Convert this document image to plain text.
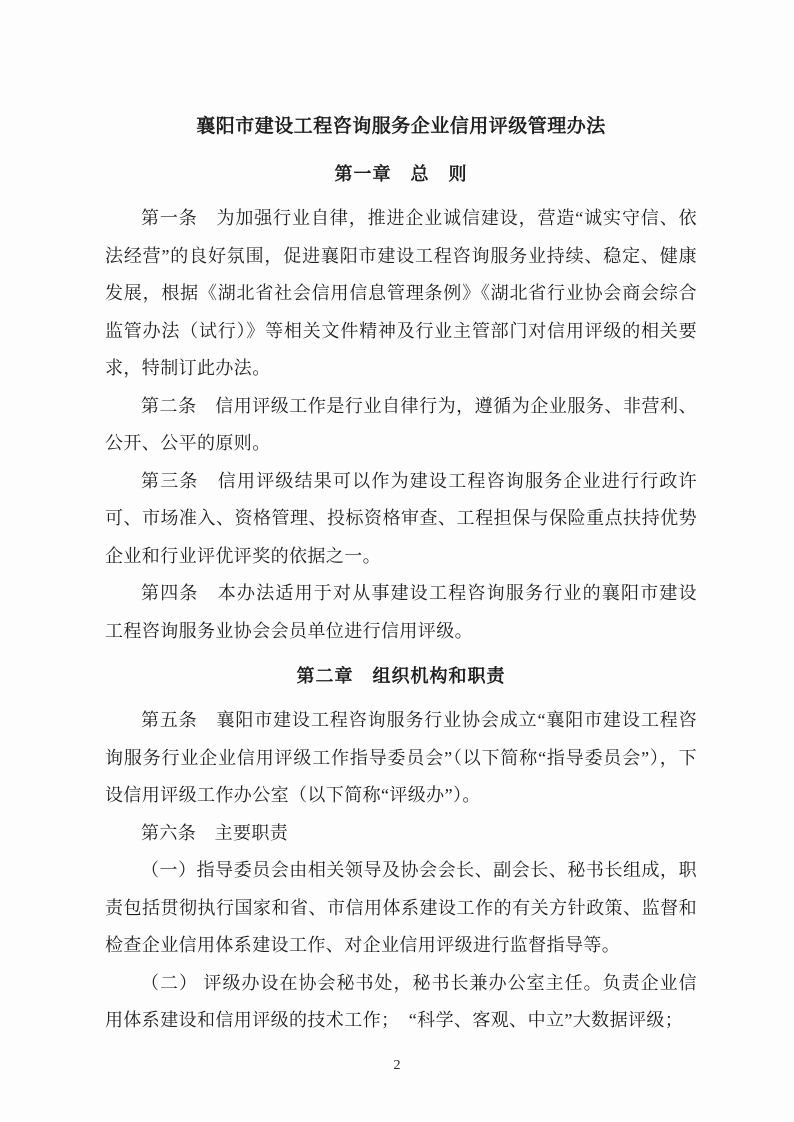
襄阳市建设工程咨询服务企业信用评级管理办法
第一章　总　则

第一条　为加强行业自律，推进企业诚信建设，营造“诚实守信、依法经营”的良好氛围，促进襄阳市建设工程咨询服务业持续、稳定、健康发展，根据《湖北省社会信用信息管理条例》《湖北省行业协会商会综合监管办法（试行）》等相关文件精神及行业主管部门对信用评级的相关要求，特制订此办法。

第二条　信用评级工作是行业自律行为，遵循为企业服务、非营利、公开、公平的原则。

第三条　信用评级结果可以作为建设工程咨询服务企业进行行政许可、市场准入、资格管理、投标资格审查、工程担保与保险重点扶持优势企业和行业评优评奖的依据之一。

第四条　本办法适用于对从事建设工程咨询服务行业的襄阳市建设 工程咨询服务业协会会员单位进行信用评级。

第二章　组织机构和职责

第五条　襄阳市建设工程咨询服务行业协会成立“襄阳市建设工程咨询服务行业企业信用评级工作指导委员会”（以下简称“指导委员会”），下设信用评级工作办公室（以下简称“评级办”）。

第六条　主要职责

（一）指导委员会由相关领导及协会会长、副会长、秘书长组成，职责包括贯彻执行国家和省、市信用体系建设工作的有关方针政策、监督和检查企业信用体系建设工作、对企业信用评级进行监督指导等。

（二） 评级办设在协会秘书处，秘书长兼办公室主任。负责企业信用体系建设和信用评级的技术工作；　“科学、客观、中立”大数据评级；

2
